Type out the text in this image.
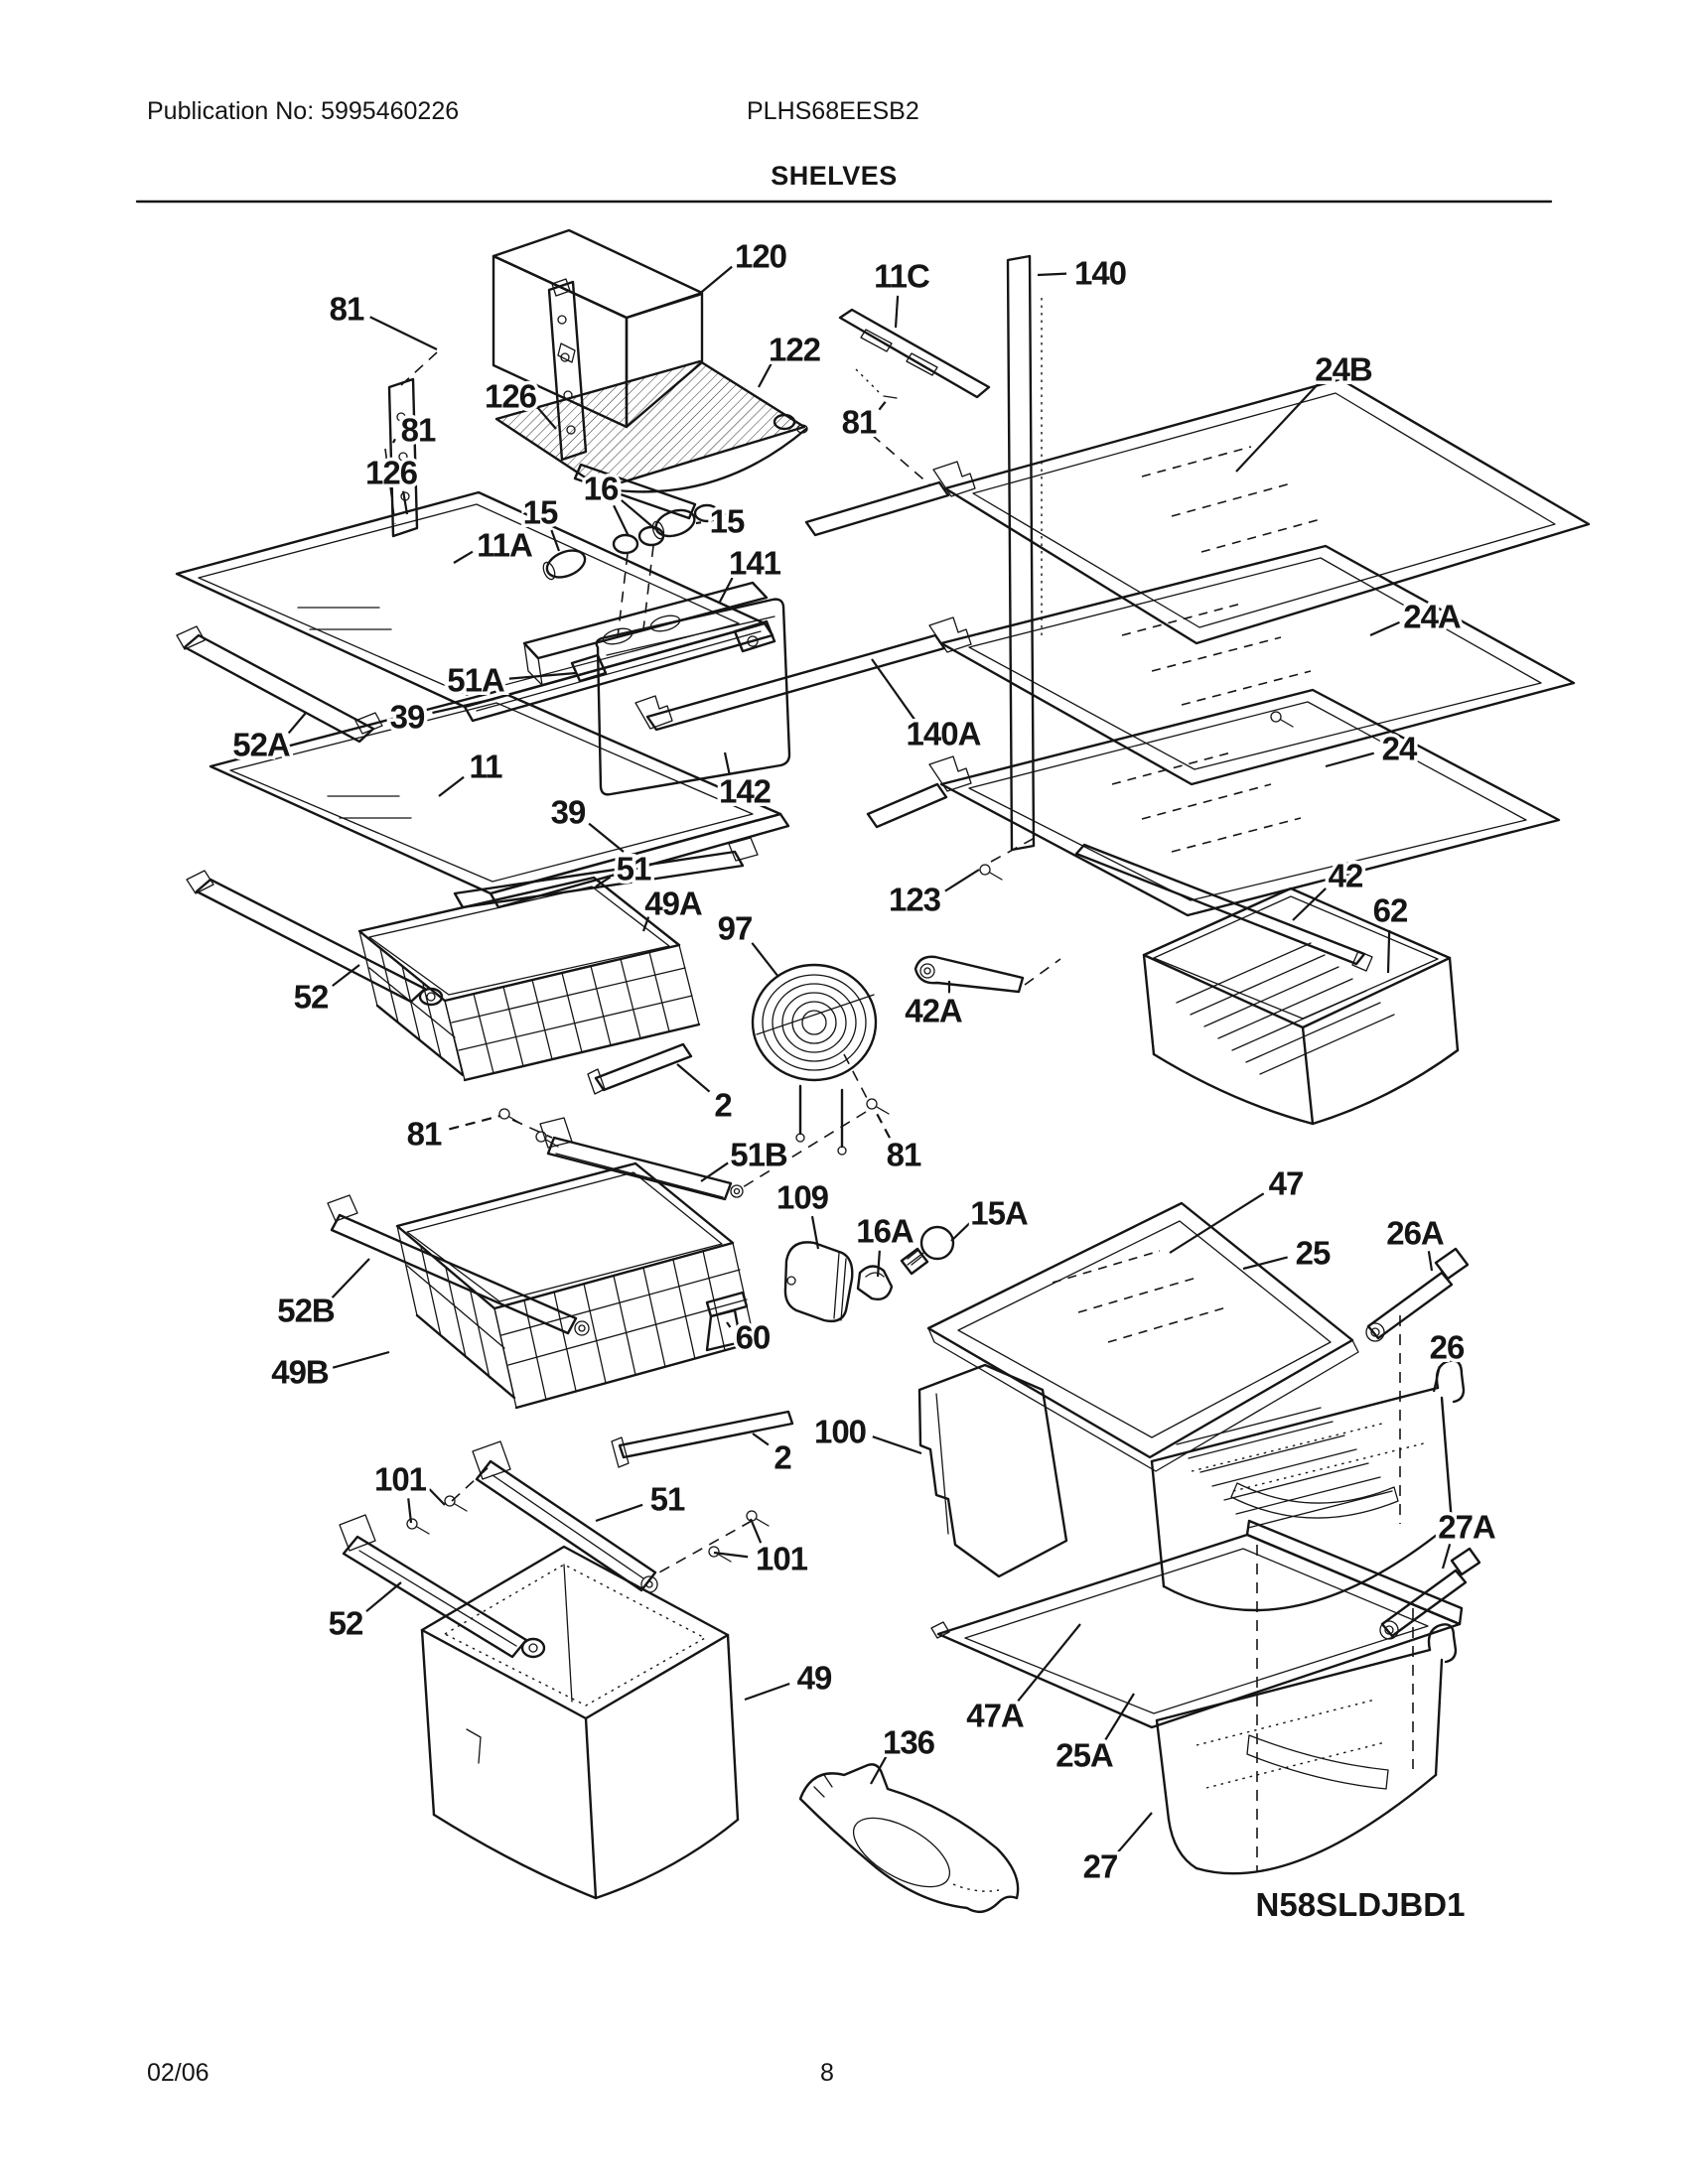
Publication No: 5995460226	PLHS68EESB2
SHELVES
02/06	8
120
81
126
81
126
11C	140
122
81
24B
15
16
15
141
11A
24A
51A
39
52A	140A	24
11
142
39
123
51
49A
97
42
62
42A
52
2
81
51B	81
109
16A 15A
47
25
26A
26
52B
49B
60
100
2
101
51
101
27A
52
49
136
47A
25A
27
N58SLDJBD1
